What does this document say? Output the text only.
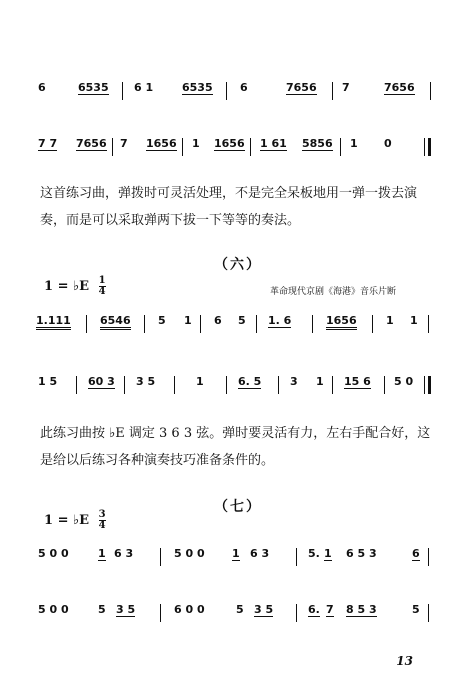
6	6535 6 1	6535 6	7656 7	7656
7 7 7656 7 1656 1 1656 1 61 5856 1 0
这首练习曲，弹拨时可灵活处理，不是完全呆板地用一弹一拨去演奏，而是可以采取弹两下拔一下等等的奏法。
（六）
1 = ♭E $\frac{1}{4}$	革命现代京剧《海港》音乐片断
1.111	6546 5 1 6 5 1. 6	1656	1 1
1 5	60 3 3 5	1	6. 5	3 1 15 6 5 0
此练习曲按 ♭E 调定 3 6 3 弦。弹时要灵活有力，左右手配合好，这是给以后练习各种演奏技巧准备条件的。
（七）
1 = ♭E $\frac{3}{4}$
5 0 0	1 6 3	5 0 0 1 6 3	5. 1 6 5 3	6
5 0 0	5 3 5	6 0 0	5 3 5	6. 7 8 5 3	5
13
